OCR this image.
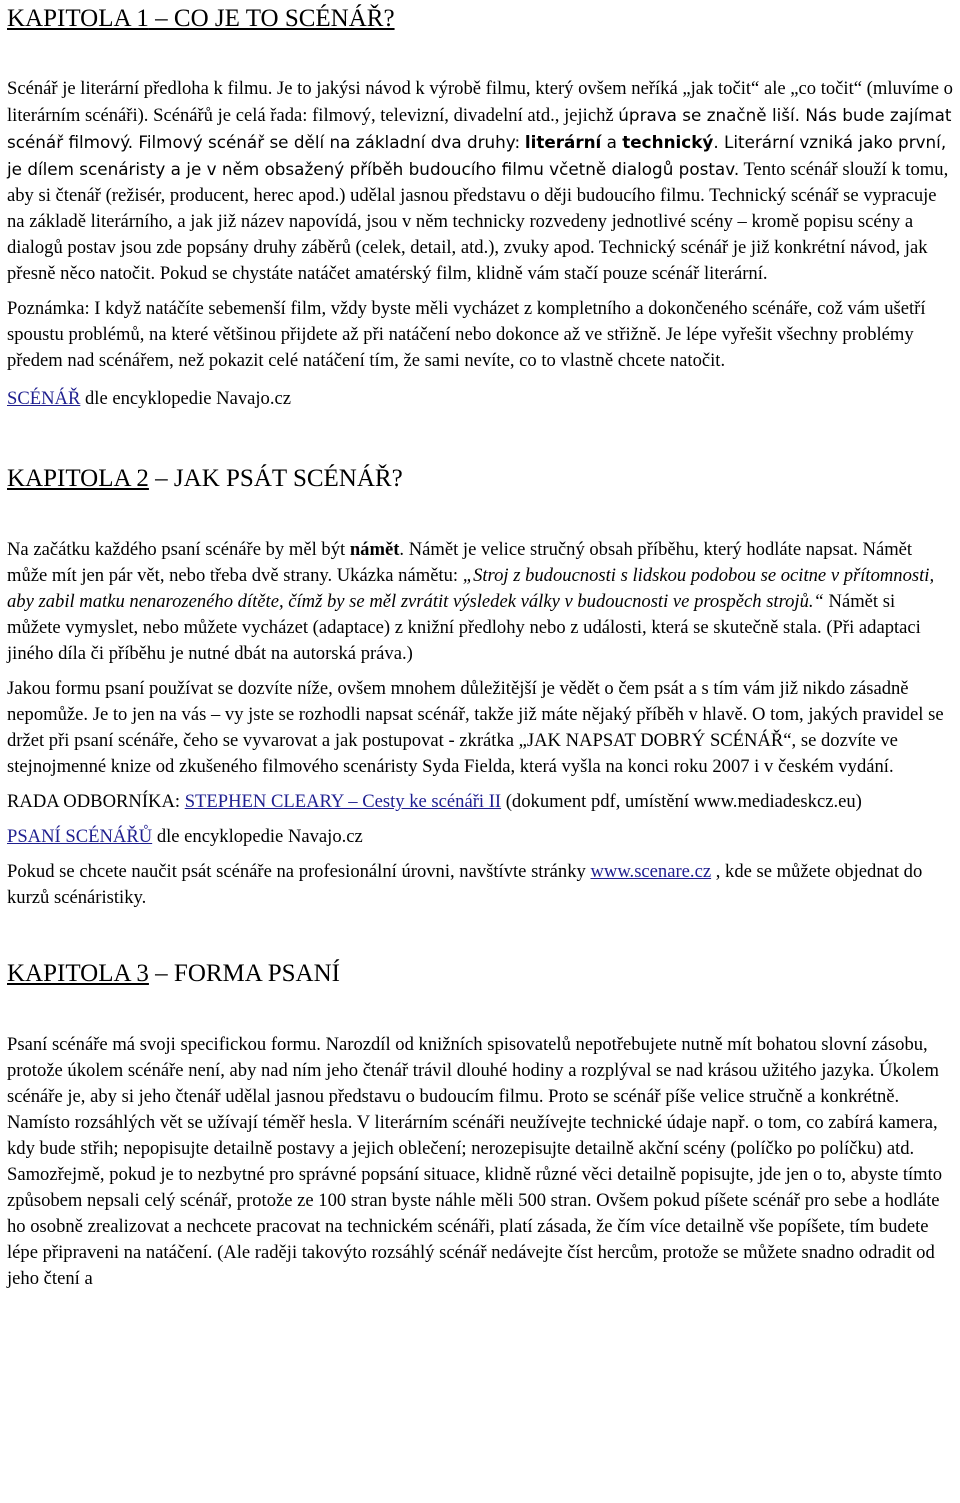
KAPITOLA 1 – CO JE TO SCÉNÁŘ?

Scénář je literární předloha k filmu. Je to jakýsi návod k výrobě filmu, který ovšem neříká „jak točit“ ale „co točit“ (mluvíme o literárním scénáři). Scénářů je celá řada: filmový, televizní, divadelní atd., jejichž úprava se značně liší. Nás bude zajímat scénář filmový. Filmový scénář se dělí na základní dva druhy: literární a technický. Literární vzniká jako první, je dílem scenáristy a je v něm obsažený příběh budoucího filmu včetně dialogů postav. Tento scénář slouží k tomu, aby si čtenář (režisér, producent, herec apod.) udělal jasnou představu o ději budoucího filmu. Technický scénář se vypracuje na základě literárního, a jak již název napovídá, jsou v něm technicky rozvedeny jednotlivé scény – kromě popisu scény a dialogů postav jsou zde popsány druhy záběrů (celek, detail, atd.), zvuky apod. Technický scénář je již konkrétní návod, jak přesně něco natočit. Pokud se chystáte natáčet amatérský film, klidně vám stačí pouze scénář literární.

Poznámka: I když natáčíte sebemenší film, vždy byste měli vycházet z kompletního a dokončeného scénáře, což vám ušetří spoustu problémů, na které většinou přijdete až při natáčení nebo dokonce až ve střižně. Je lépe vyřešit všechny problémy předem nad scénářem, než pokazit celé natáčení tím, že sami nevíte, co to vlastně chcete natočit.

SCÉNÁŘ dle encyklopedie Navajo.cz

KAPITOLA 2 – JAK PSÁT SCÉNÁŘ?

Na začátku každého psaní scénáře by měl být námět. Námět je velice stručný obsah příběhu, který hodláte napsat. Námět může mít jen pár vět, nebo třeba dvě strany. Ukázka námětu: „Stroj z budoucnosti s lidskou podobou se ocitne v přítomnosti, aby zabil matku nenarozeného dítěte, čímž by se měl zvrátit výsledek války v budoucnosti ve prospěch strojů.“ Námět si můžete vymyslet, nebo můžete vycházet (adaptace) z knižní předlohy nebo z události, která se skutečně stala. (Při adaptaci jiného díla či příběhu je nutné dbát na autorská práva.)

Jakou formu psaní používat se dozvíte níže, ovšem mnohem důležitější je vědět o čem psát a s tím vám již nikdo zásadně nepomůže. Je to jen na vás – vy jste se rozhodli napsat scénář, takže již máte nějaký příběh v hlavě. O tom, jakých pravidel se držet při psaní scénáře, čeho se vyvarovat a jak postupovat - zkrátka „JAK NAPSAT DOBRÝ SCÉNÁŘ“, se dozvíte ve stejnojmenné knize od zkušeného filmového scenáristy Syda Fielda, která vyšla na konci roku 2007 i v českém vydání.

RADA ODBORNÍKA: STEPHEN CLEARY – Cesty ke scénáři II (dokument pdf, umístění www.mediadeskcz.eu)

PSANÍ SCÉNÁŘŮ dle encyklopedie Navajo.cz

Pokud se chcete naučit psát scénáře na profesionální úrovni, navštívte stránky www.scenare.cz , kde se můžete objednat do kurzů scénáristiky.

KAPITOLA 3 – FORMA PSANÍ

Psaní scénáře má svoji specifickou formu. Narozdíl od knižních spisovatelů nepotřebujete nutně mít bohatou slovní zásobu, protože úkolem scénáře není, aby nad ním jeho čtenář trávil dlouhé hodiny a rozplýval se nad krásou užitého jazyka. Úkolem scénáře je, aby si jeho čtenář udělal jasnou představu o budoucím filmu. Proto se scénář píše velice stručně a konkrétně. Namísto rozsáhlých vět se užívají téměř hesla. V literárním scénáři neužívejte technické údaje např. o tom, co zabírá kamera, kdy bude střih; nepopisujte detailně postavy a jejich oblečení; nerozepisujte detailně akční scény (políčko po políčku) atd. Samozřejmě, pokud je to nezbytné pro správné popsání situace, klidně různé věci detailně popisujte, jde jen o to, abyste tímto způsobem nepsali celý scénář, protože ze 100 stran byste náhle měli 500 stran. Ovšem pokud píšete scénář pro sebe a hodláte ho osobně zrealizovat a nechcete pracovat na technickém scénáři, platí zásada, že čím více detailně vše popíšete, tím budete lépe připraveni na natáčení. (Ale raději takovýto rozsáhlý scénář nedávejte číst hercům, protože se můžete snadno odradit od jeho čtení a
